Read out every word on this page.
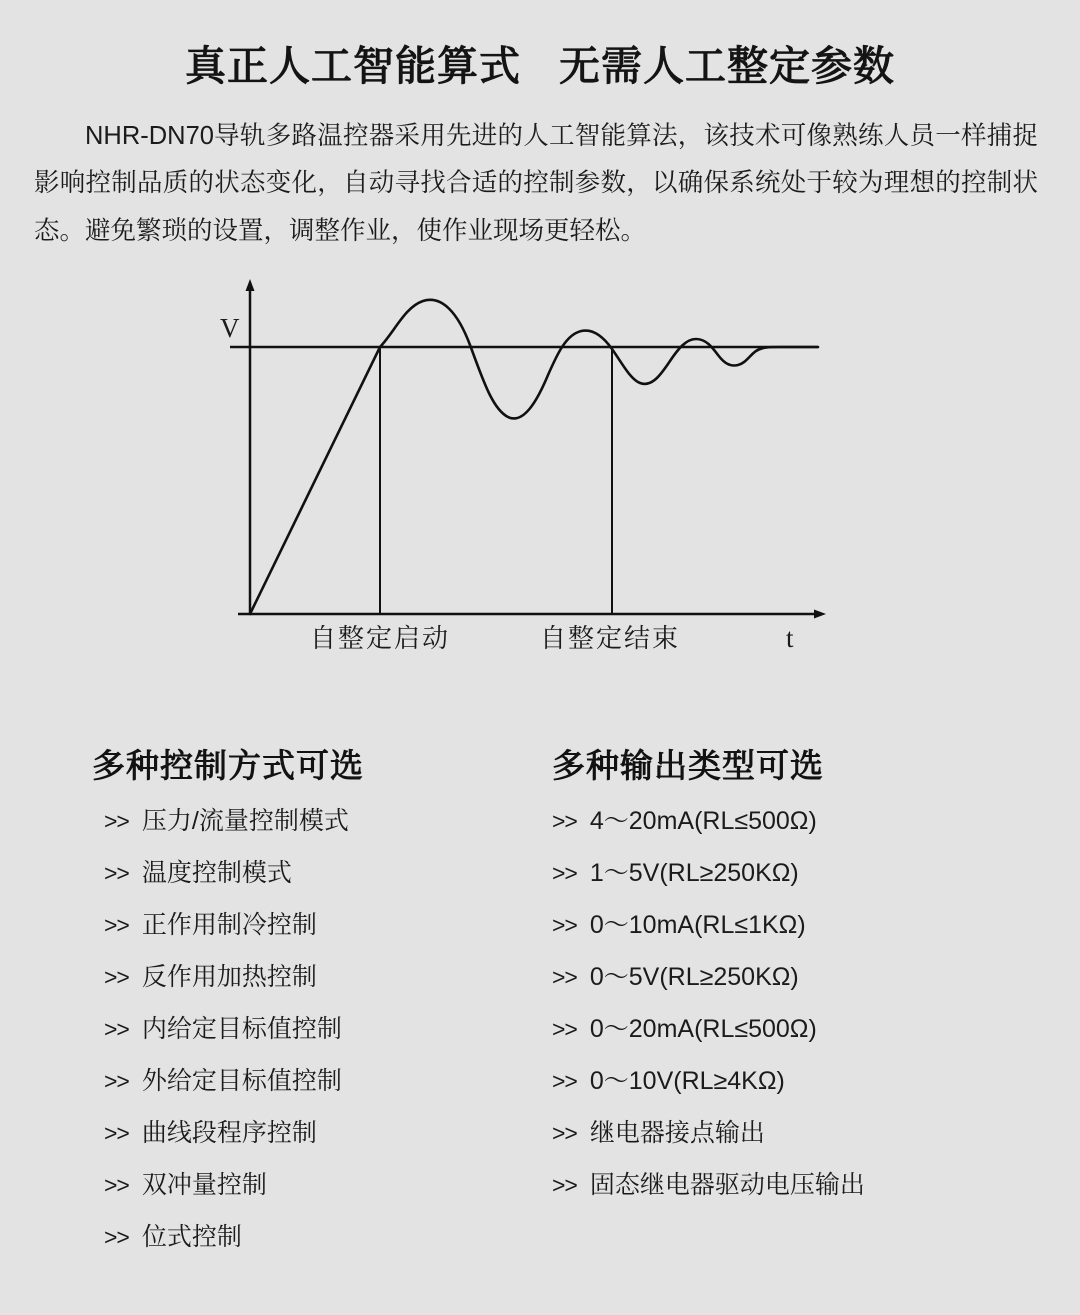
真正人工智能算式 无需人工整定参数

NHR-DN70导轨多路温控器采用先进的人工智能算法，该技术可像熟练人员一样捕捉影响控制品质的状态变化，自动寻找合适的控制参数，以确保系统处于较为理想的控制状态。避免繁琐的设置，调整作业，使作业现场更轻松。

V
t
自整定启动	自整定结束
多种控制方式可选
>> 压力/流量控制模式
>> 温度控制模式
>> 正作用制冷控制
>> 反作用加热控制
>> 内给定目标值控制
>> 外给定目标值控制
>> 曲线段程序控制
>> 双冲量控制
>> 位式控制
多种输出类型可选
>> 4～20mA(RL≤500Ω)
>> 1～5V(RL≥250KΩ)
>> 0～10mA(RL≤1KΩ)
>> 0～5V(RL≥250KΩ)
>> 0～20mA(RL≤500Ω)
>> 0～10V(RL≥4KΩ)
>> 继电器接点输出
>> 固态继电器驱动电压输出
